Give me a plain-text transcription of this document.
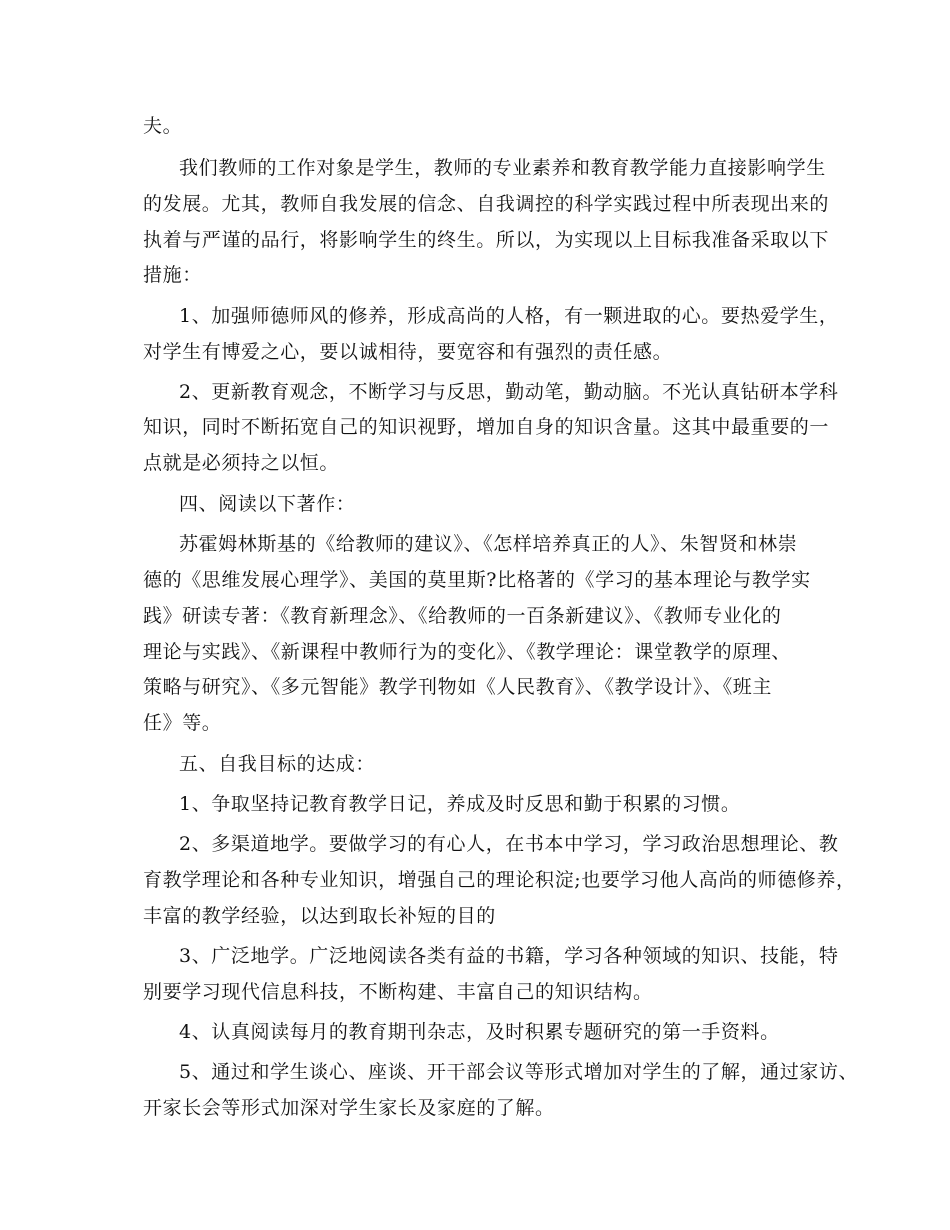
夫。
我们教师的工作对象是学生，教师的专业素养和教育教学能力直接影响学生
的发展。尤其，教师自我发展的信念、自我调控的科学实践过程中所表现出来的
执着与严谨的品行，将影响学生的终生。所以，为实现以上目标我准备采取以下
措施：
1、加强师德师风的修养，形成高尚的人格，有一颗进取的心。要热爱学生，
对学生有博爱之心，要以诚相待，要宽容和有强烈的责任感。
2、更新教育观念，不断学习与反思，勤动笔，勤动脑。不光认真钻研本学科
知识，同时不断拓宽自己的知识视野，增加自身的知识含量。这其中最重要的一
点就是必须持之以恒。
四、阅读以下著作：
苏霍姆林斯基的《给教师的建议》、《怎样培养真正的人》、朱智贤和林崇
德的《思维发展心理学》、美国的莫里斯?比格著的《学习的基本理论与教学实
践》研读专著：《教育新理念》、《给教师的一百条新建议》、《教师专业化的
理论与实践》、《新课程中教师行为的变化》、《教学理论：课堂教学的原理、
策略与研究》、《多元智能》教学刊物如《人民教育》、《教学设计》、《班主
任》等。
五、自我目标的达成：
1、争取坚持记教育教学日记，养成及时反思和勤于积累的习惯。
2、多渠道地学。要做学习的有心人，在书本中学习，学习政治思想理论、教
育教学理论和各种专业知识，增强自己的理论积淀;也要学习他人高尚的师德修养，
丰富的教学经验，以达到取长补短的目的
3、广泛地学。广泛地阅读各类有益的书籍，学习各种领域的知识、技能，特
别要学习现代信息科技，不断构建、丰富自己的知识结构。
4、认真阅读每月的教育期刊杂志，及时积累专题研究的第一手资料。
5、通过和学生谈心、座谈、开干部会议等形式增加对学生的了解，通过家访、
开家长会等形式加深对学生家长及家庭的了解。
